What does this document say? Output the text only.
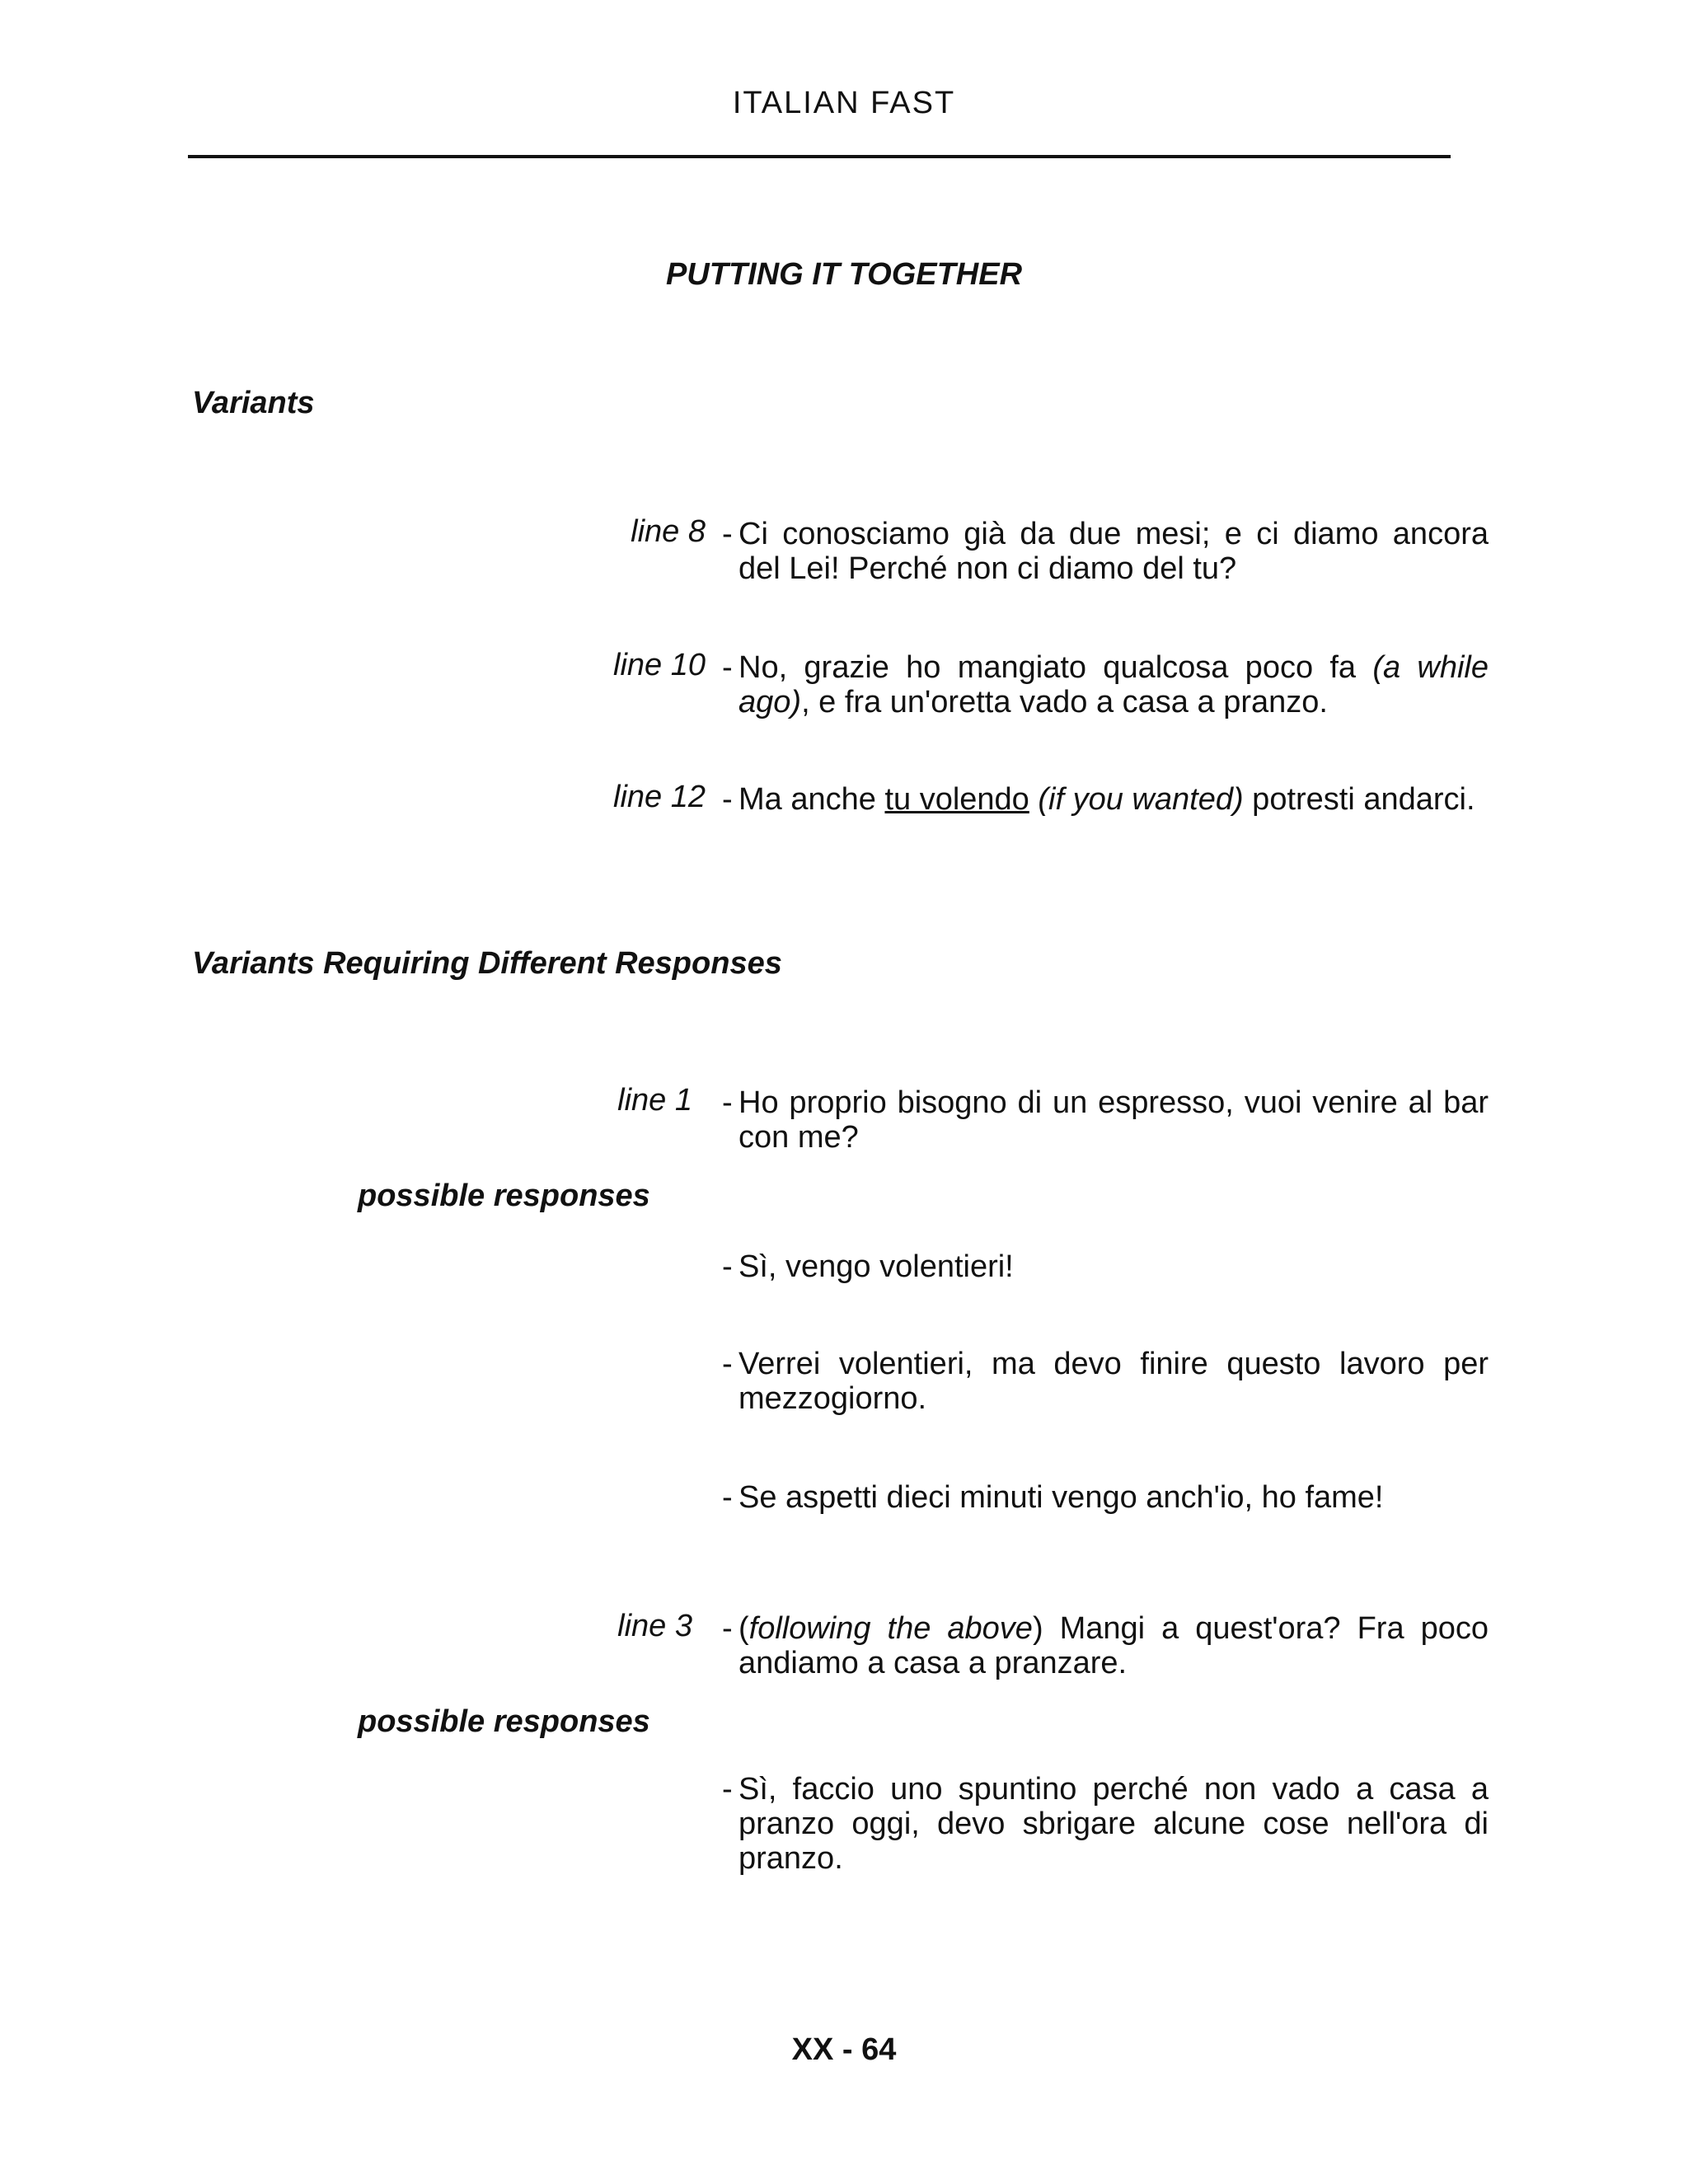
ITALIAN FAST
PUTTING IT TOGETHER
Variants
line 8 - Ci conosciamo già da due mesi; e ci diamo ancora del Lei! Perché non ci diamo del tu?
line 10 - No, grazie ho mangiato qualcosa poco fa (a while ago), e fra un'oretta vado a casa a pranzo.
line 12 - Ma anche tu volendo (if you wanted) potresti andarci.
Variants Requiring Different Responses
line 1 - Ho proprio bisogno di un espresso, vuoi venire al bar con me?
possible responses
- Sì, vengo volentieri!
- Verrei volentieri, ma devo finire questo lavoro per mezzogiorno.
- Se aspetti dieci minuti vengo anch'io, ho fame!
line 3 - (following the above) Mangi a quest'ora? Fra poco andiamo a casa a pranzare.
possible responses
- Sì, faccio uno spuntino perché non vado a casa a pranzo oggi, devo sbrigare alcune cose nell'ora di pranzo.
XX - 64
